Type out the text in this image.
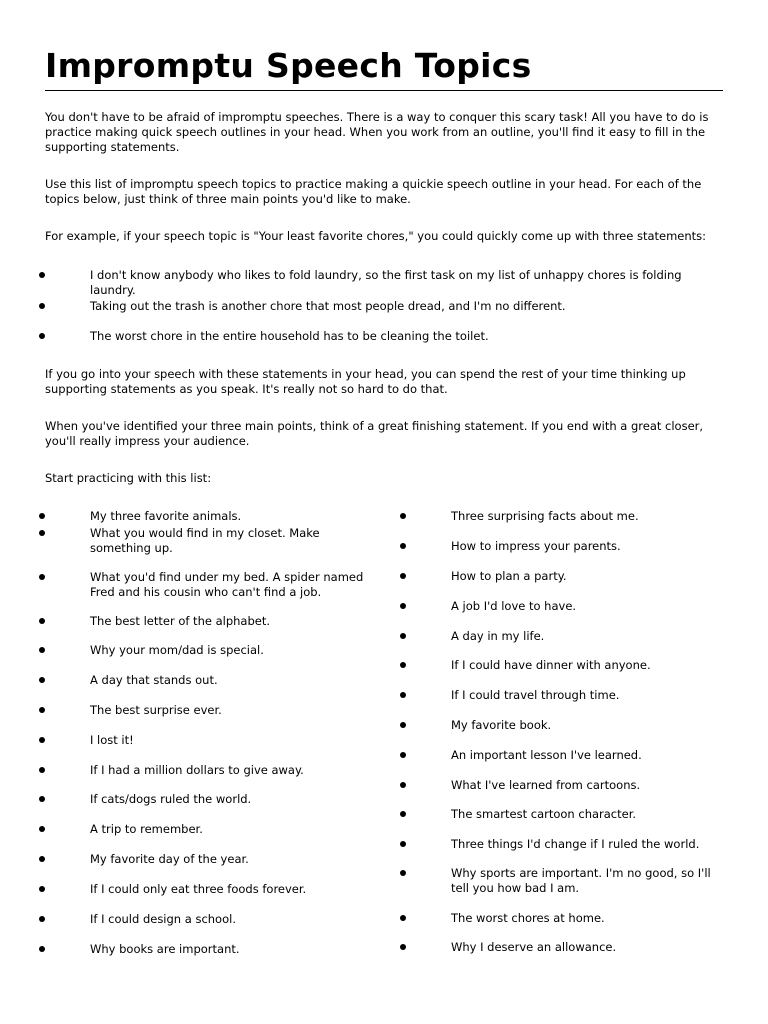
Impromptu Speech Topics

You don't have to be afraid of impromptu speeches. There is a way to conquer this scary task! All you have to do is practice making quick speech outlines in your head. When you work from an outline, you'll find it easy to fill in the supporting statements.

Use this list of impromptu speech topics to practice making a quickie speech outline in your head. For each of the topics below, just think of three main points you'd like to make.

For example, if your speech topic is "Your least favorite chores," you could quickly come up with three statements:

I don't know anybody who likes to fold laundry, so the first task on my list of unhappy chores is folding laundry.
Taking out the trash is another chore that most people dread, and I'm no different.
The worst chore in the entire household has to be cleaning the toilet.

If you go into your speech with these statements in your head, you can spend the rest of your time thinking up supporting statements as you speak. It's really not so hard to do that.

When you've identified your three main points, think of a great finishing statement. If you end with a great closer, you'll really impress your audience.

Start practicing with this list:

My three favorite animals.
What you would find in my closet. Make something up.
What you'd find under my bed. A spider named Fred and his cousin who can't find a job.
The best letter of the alphabet.
Why your mom/dad is special.
A day that stands out.
The best surprise ever.
I lost it!
If I had a million dollars to give away.
If cats/dogs ruled the world.
A trip to remember.
My favorite day of the year.
If I could only eat three foods forever.
If I could design a school.
Why books are important.
Three surprising facts about me.
How to impress your parents.
How to plan a party.
A job I'd love to have.
A day in my life.
If I could have dinner with anyone.
If I could travel through time.
My favorite book.
An important lesson I've learned.
What I've learned from cartoons.
The smartest cartoon character.
Three things I'd change if I ruled the world.
Why sports are important. I'm no good, so I'll tell you how bad I am.
The worst chores at home.
Why I deserve an allowance.
